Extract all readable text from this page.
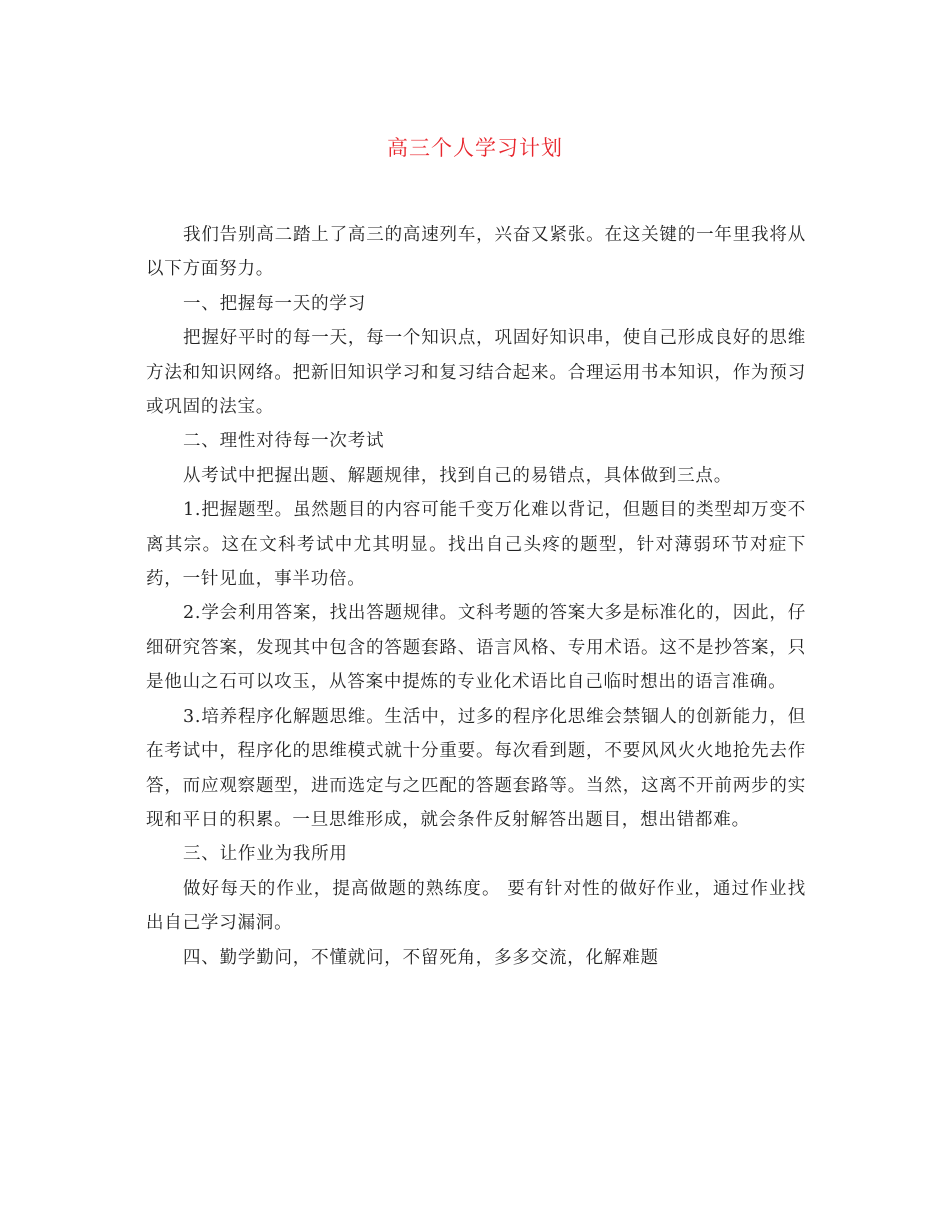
高三个人学习计划

我们告别高二踏上了高三的高速列车，兴奋又紧张。在这关键的一年里我将从以下方面努力。

一、把握每一天的学习

把握好平时的每一天，每一个知识点，巩固好知识串，使自己形成良好的思维方法和知识网络。把新旧知识学习和复习结合起来。合理运用书本知识，作为预习或巩固的法宝。

二、理性对待每一次考试

从考试中把握出题、解题规律，找到自己的易错点，具体做到三点。

1.把握题型。虽然题目的内容可能千变万化难以背记，但题目的类型却万变不离其宗。这在文科考试中尤其明显。找出自己头疼的题型，针对薄弱环节对症下药，一针见血，事半功倍。

2.学会利用答案，找出答题规律。文科考题的答案大多是标准化的，因此，仔细研究答案，发现其中包含的答题套路、语言风格、专用术语。这不是抄答案，只是他山之石可以攻玉，从答案中提炼的专业化术语比自己临时想出的语言准确。

3.培养程序化解题思维。生活中，过多的程序化思维会禁锢人的创新能力，但在考试中，程序化的思维模式就十分重要。每次看到题，不要风风火火地抢先去作答，而应观察题型，进而选定与之匹配的答题套路等。当然，这离不开前两步的实现和平日的积累。一旦思维形成，就会条件反射解答出题目，想出错都难。

三、让作业为我所用

做好每天的作业，提高做题的熟练度。 要有针对性的做好作业，通过作业找出自己学习漏洞。

四、勤学勤问，不懂就问，不留死角，多多交流，化解难题
